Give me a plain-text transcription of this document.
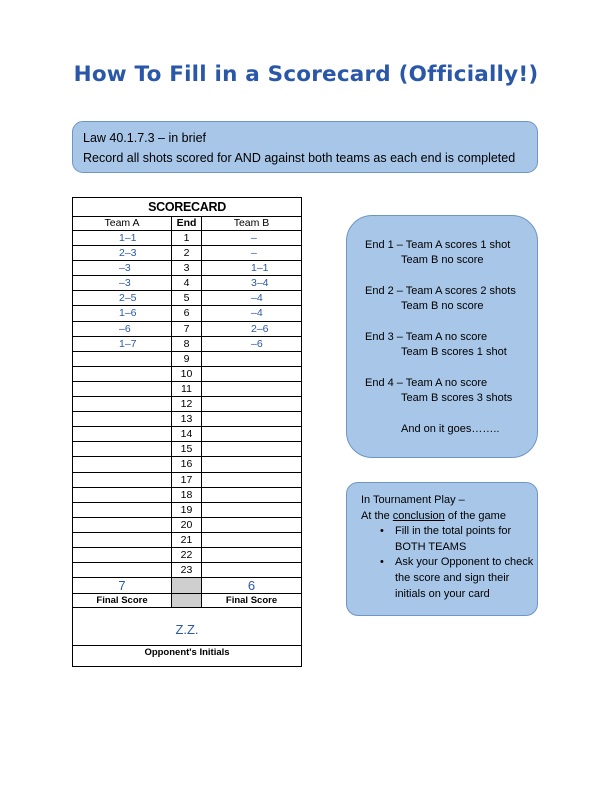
How To Fill in a Scorecard (Officially!)
Law 40.1.7.3 – in brief
Record all shots scored for AND against both teams as each end is completed
SCORECARD
Team A	End	Team B
1–1	1	–
2–3	2	–
–3	3	1–1
–3	4	3–4
2–5	5	–4
1–6	6	–4
–6	7	2–6
1–7	8	–6
9
10
11
12
13
14
15
16
17
18
19
20
21
22
23
7	6
Final Score	Final Score
Z.Z.
Opponent's Initials
End 1 – Team A scores 1 shot
Team B no score
End 2 – Team A scores 2 shots
Team B no score
End 3 – Team A no score
Team B scores 1 shot
End 4 – Team A no score
Team B scores 3 shots
And on it goes……..
In Tournament Play –
At the conclusion of the game
• Fill in the total points for BOTH TEAMS
• Ask your Opponent to check the score and sign their initials on your card
